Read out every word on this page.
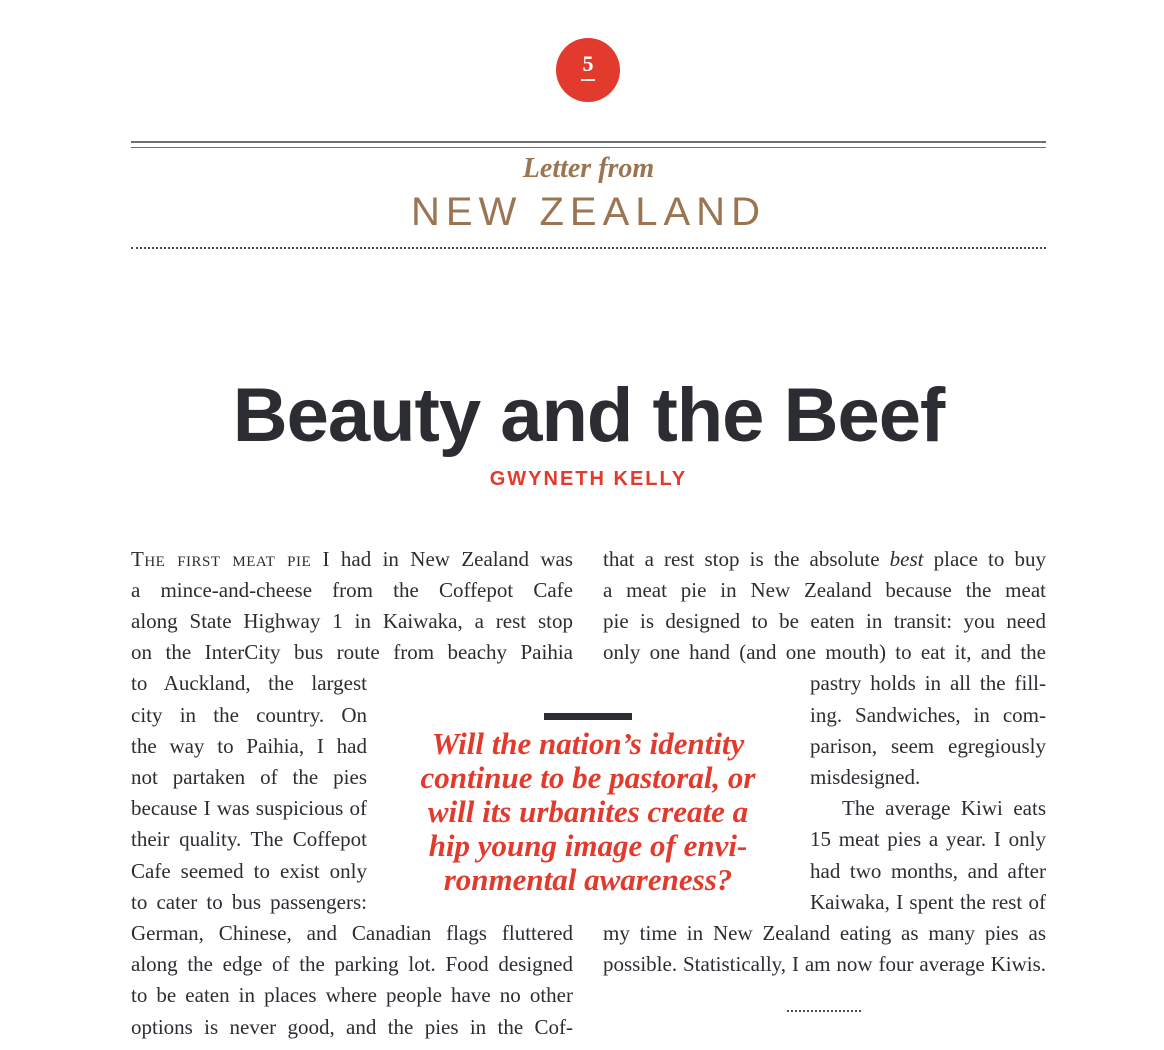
5
Letter from
NEW ZEALAND
Beauty and the Beef
GWYNETH KELLY
The first meat pie I had in New Zealand was
a mince-and-cheese from the Coffepot Cafe
along State Highway 1 in Kaiwaka, a rest stop
on the InterCity bus route from beachy Paihia
to Auckland, the largest
city in the country. On
the way to Paihia, I had
not partaken of the pies
because I was suspicious of
their quality. The Coffepot
Cafe seemed to exist only
to cater to bus passengers:
German, Chinese, and Canadian flags fluttered
along the edge of the parking lot. Food designed
to be eaten in places where people have no other
options is never good, and the pies in the Cof-
that a rest stop is the absolute best place to buy
a meat pie in New Zealand because the meat
pie is designed to be eaten in transit: you need
only one hand (and one mouth) to eat it, and the
pastry holds in all the fill-
ing. Sandwiches, in com-
parison, seem egregiously
misdesigned.
The average Kiwi eats
15 meat pies a year. I only
had two months, and after
Kaiwaka, I spent the rest of
my time in New Zealand eating as many pies as
possible. Statistically, I am now four average Kiwis.
Will the nation’s identity
continue to be pastoral, or
will its urbanites create a
hip young image of envi-
ronmental awareness?
